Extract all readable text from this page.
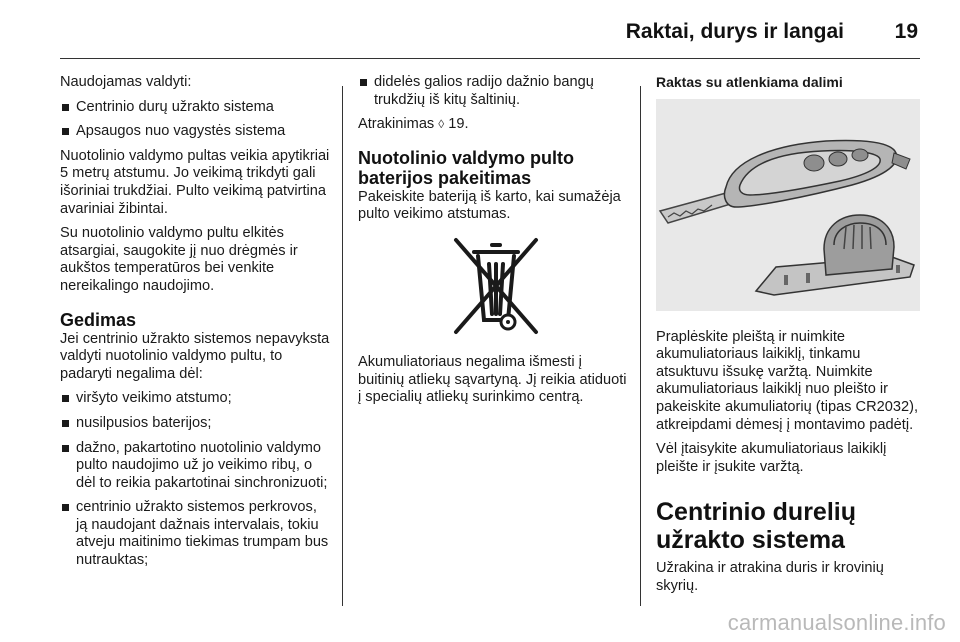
Raktai, durys ir langai 19

Naudojamas valdyti:

Centrinio durų užrakto sistema
Apsaugos nuo vagystės sistema

Nuotolinio valdymo pultas veikia apytikriai 5 metrų atstumu. Jo veikimą trikdyti gali išoriniai trukdžiai. Pulto veikimą patvirtina avariniai žibintai.

Su nuotolinio valdymo pultu elkitės atsargiai, saugokite jį nuo drėgmės ir aukštos temperatūros bei venkite nereikalingo naudojimo.

Gedimas

Jei centrinio užrakto sistemos nepavyksta valdyti nuotolinio valdymo pultu, to padaryti negalima dėl:

viršyto veikimo atstumo;
nusilpusios baterijos;
dažno, pakartotino nuotolinio valdymo pulto naudojimo už jo veikimo ribų, o dėl to reikia pakartotinai sinchronizuoti;
centrinio užrakto sistemos perkrovos, ją naudojant dažnais intervalais, tokiu atveju maitinimo tiekimas trumpam bus nutrauktas;
didelės galios radijo dažnio bangų trukdžių iš kitų šaltinių.

Atrakinimas ◊ 19.

Nuotolinio valdymo pulto baterijos pakeitimas

Pakeiskite bateriją iš karto, kai sumažėja pulto veikimo atstumas.

Akumuliatoriaus negalima išmesti į buitinių atliekų sąvartyną. Jį reikia atiduoti į specialių atliekų surinkimo centrą.

Raktas su atlenkiama dalimi

Praplėskite pleištą ir nuimkite akumuliatoriaus laikiklį, tinkamu atsuktuvu išsukę varžtą. Nuimkite akumuliatoriaus laikiklį nuo pleišto ir pakeiskite akumuliatorių (tipas CR2032), atkreipdami dėmesį į montavimo padėtį.

Vėl įtaisykite akumuliatoriaus laikiklį pleište ir įsukite varžtą.

Centrinio durelių užrakto sistema

Užrakina ir atrakina duris ir krovinių skyrių.

carmanualsonline.info
